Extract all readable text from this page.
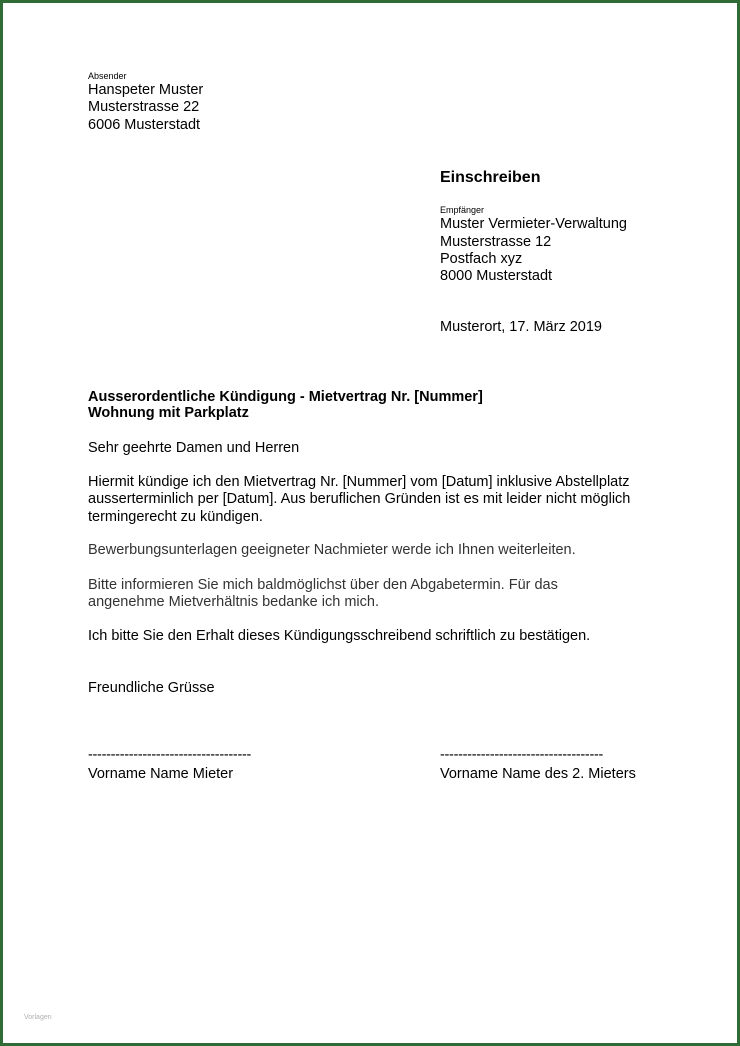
Absender
Hanspeter Muster
Musterstrasse 22
6006 Musterstadt
Einschreiben
Empfänger
Muster Vermieter-Verwaltung
Musterstrasse 12
Postfach xyz
8000 Musterstadt
Musterort, 17. März 2019
Ausserordentliche Kündigung - Mietvertrag Nr. [Nummer]
Wohnung mit Parkplatz
Sehr geehrte Damen und Herren
Hiermit kündige ich den Mietvertrag Nr. [Nummer] vom [Datum] inklusive Abstellplatz
ausserterminlich per [Datum]. Aus beruflichen Gründen ist es mit leider nicht möglich
termingerecht zu kündigen.
Bewerbungsunterlagen geeigneter Nachmieter werde ich Ihnen weiterleiten.
Bitte informieren Sie mich baldmöglichst über den Abgabetermin. Für das
angenehme Mietverhältnis bedanke ich mich.
Ich bitte Sie den Erhalt dieses Kündigungsschreibend schriftlich zu bestätigen.
Freundliche Grüsse
------------------------------------
Vorname Name Mieter
------------------------------------
Vorname Name des 2. Mieters
Vorlagen
